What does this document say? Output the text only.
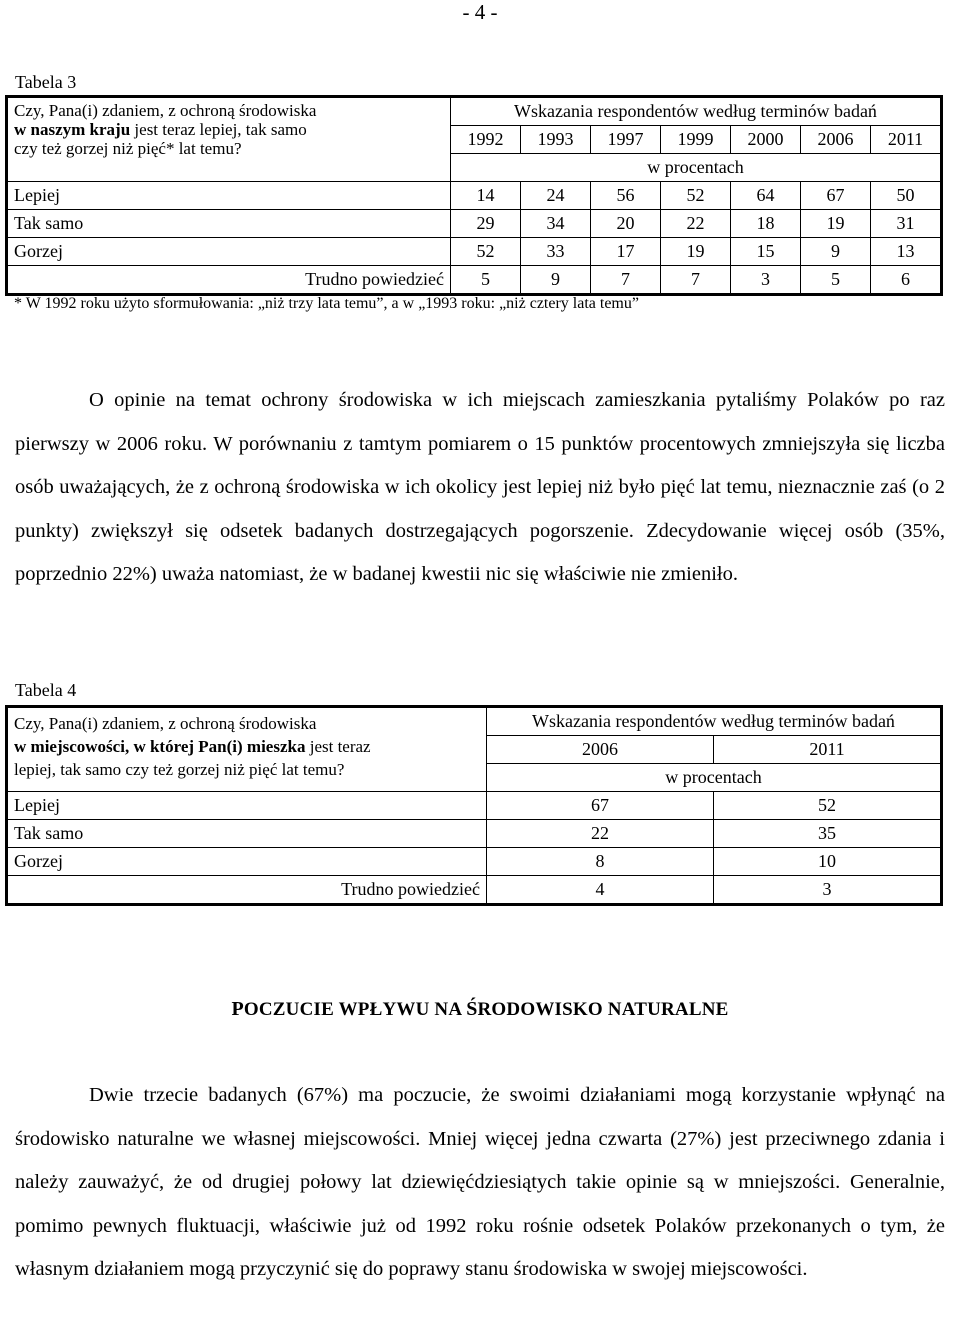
- 4 -
Tabela 3
Czy, Pana(i) zdaniem, z ochroną środowiska
w naszym kraju jest teraz lepiej, tak samo
czy też gorzej niż pięć* lat temu?	Wskazania respondentów według terminów badań						
	1992	1993	1997	1999	2000	2006	2011
	w procentach						
Lepiej	14	24	56	52	64	67	50
Tak samo	29	34	20	22	18	19	31
Gorzej	52	33	17	19	15	9	13
Trudno powiedzieć	5	9	7	7	3	5	6
* W 1992 roku użyto sformułowania: „niż trzy lata temu”, a w „1993 roku: „niż cztery lata temu”
O opinie na temat ochrony środowiska w ich miejscach zamieszkania pytaliśmy Polaków po raz pierwszy w 2006 roku. W porównaniu z tamtym pomiarem o 15 punktów procentowych zmniejszyła się liczba osób uważających, że z ochroną środowiska w ich okolicy jest lepiej niż było pięć lat temu, nieznacznie zaś (o 2 punkty) zwiększył się odsetek badanych dostrzegających pogorszenie. Zdecydowanie więcej osób (35%, poprzednio 22%) uważa natomiast, że w badanej kwestii nic się właściwie nie zmieniło.
Tabela 4
Czy, Pana(i) zdaniem, z ochroną środowiska
w miejscowości, w której Pan(i) mieszka jest teraz
lepiej, tak samo czy też gorzej niż pięć lat temu?	Wskazania respondentów według terminów badań	
	2006	2011
	w procentach	
Lepiej	67	52
Tak samo	22	35
Gorzej	8	10
Trudno powiedzieć	4	3
POCZUCIE WPŁYWU NA ŚRODOWISKO NATURALNE
Dwie trzecie badanych (67%) ma poczucie, że swoimi działaniami mogą korzystanie wpłynąć na środowisko naturalne we własnej miejscowości. Mniej więcej jedna czwarta (27%) jest przeciwnego zdania i należy zauważyć, że od drugiej połowy lat dziewięćdziesiątych takie opinie są w mniejszości. Generalnie, pomimo pewnych fluktuacji, właściwie już od 1992 roku rośnie odsetek Polaków przekonanych o tym, że własnym działaniem mogą przyczynić się do poprawy stanu środowiska w swojej miejscowości.
